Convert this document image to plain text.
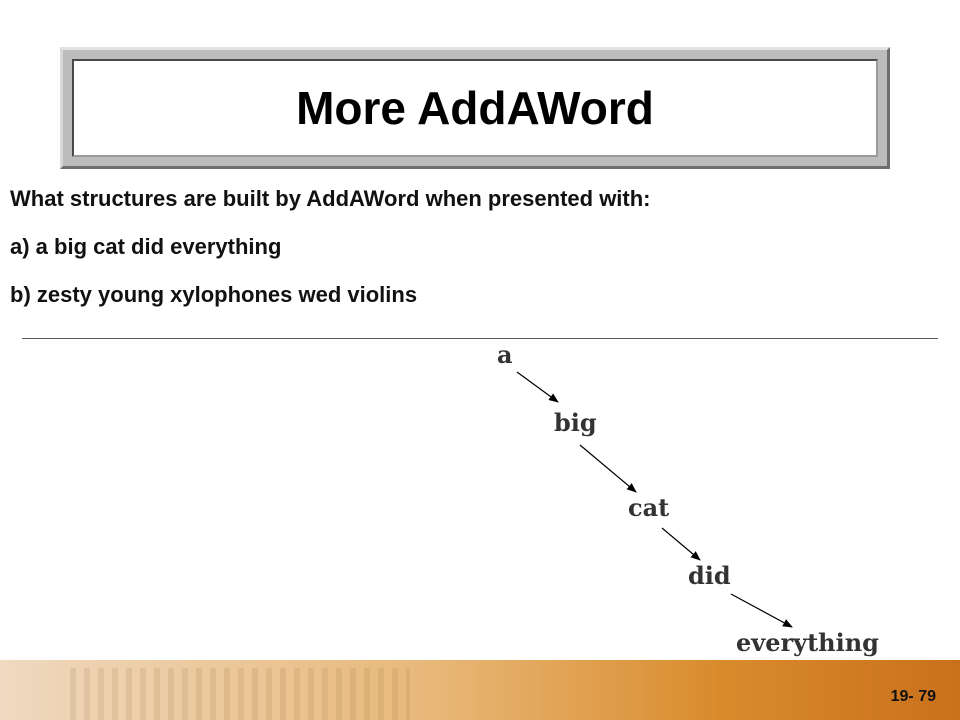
More AddAWord
What structures are built by AddAWord when presented with:
a) a big cat did everything
b) zesty young xylophones wed violins
a
big
cat
did
everything
19- 79
